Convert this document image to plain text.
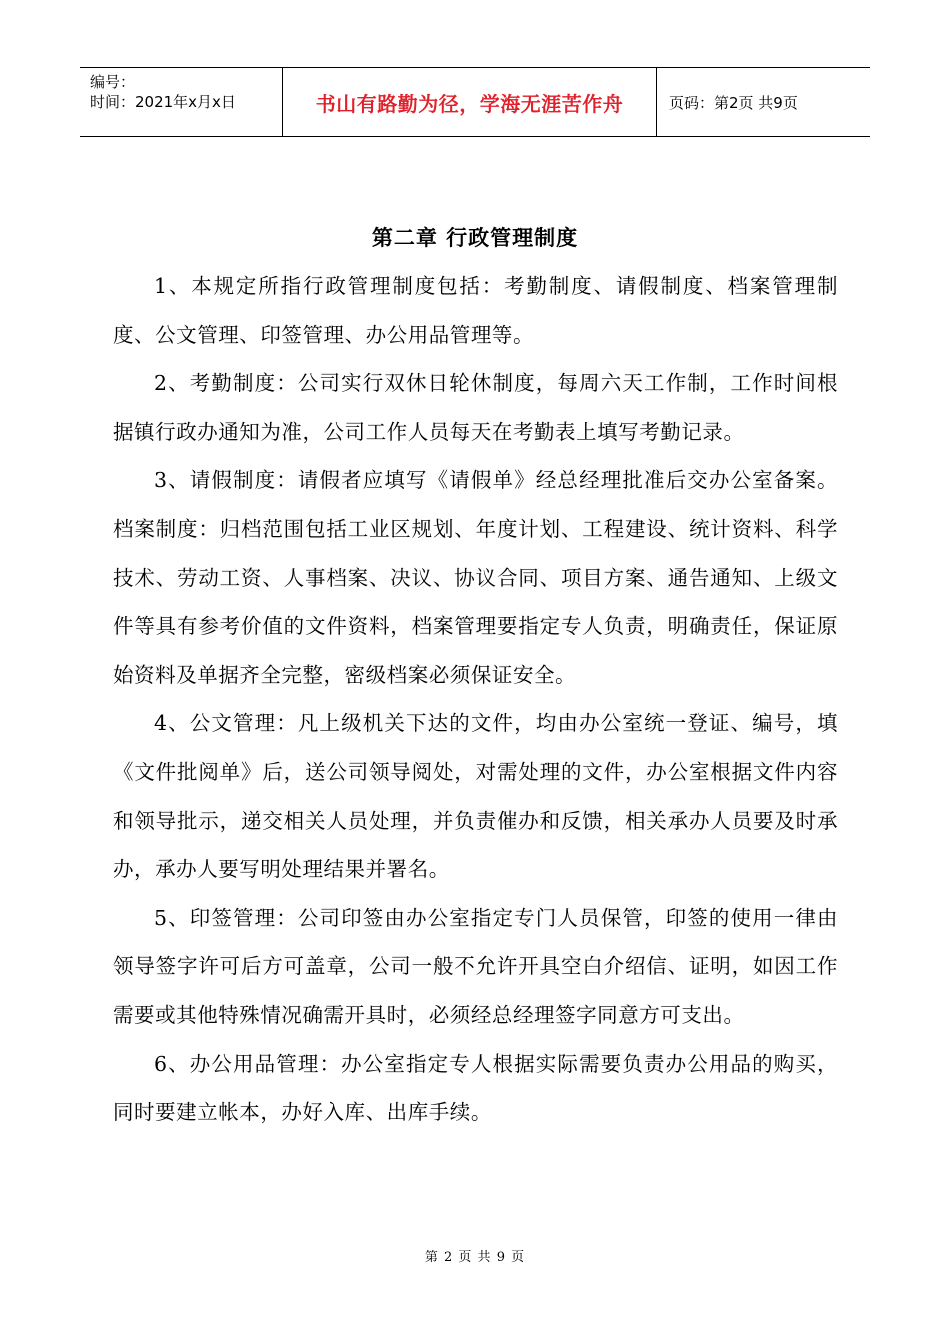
编号：
时间：2021年x月x日	书山有路勤为径，学海无涯苦作舟	页码：第2页 共9页
第二章 行政管理制度

1、本规定所指行政管理制度包括：考勤制度、请假制度、档案管理制度、公文管理、印签管理、办公用品管理等。

2、考勤制度：公司实行双休日轮休制度，每周六天工作制，工作时间根据镇行政办通知为准，公司工作人员每天在考勤表上填写考勤记录。

3、请假制度：请假者应填写《请假单》经总经理批准后交办公室备案。档案制度：归档范围包括工业区规划、年度计划、工程建设、统计资料、科学技术、劳动工资、人事档案、决议、协议合同、项目方案、通告通知、上级文件等具有参考价值的文件资料，档案管理要指定专人负责，明确责任，保证原始资料及单据齐全完整，密级档案必须保证安全。

4、公文管理：凡上级机关下达的文件，均由办公室统一登证、编号，填《文件批阅单》后，送公司领导阅处，对需处理的文件，办公室根据文件内容和领导批示，递交相关人员处理，并负责催办和反馈，相关承办人员要及时承办，承办人要写明处理结果并署名。

5、印签管理：公司印签由办公室指定专门人员保管，印签的使用一律由领导签字许可后方可盖章，公司一般不允许开具空白介绍信、证明，如因工作需要或其他特殊情况确需开具时，必须经总经理签字同意方可支出。

6、办公用品管理：办公室指定专人根据实际需要负责办公用品的购买，同时要建立帐本，办好入库、出库手续。

第 2 页 共 9 页
